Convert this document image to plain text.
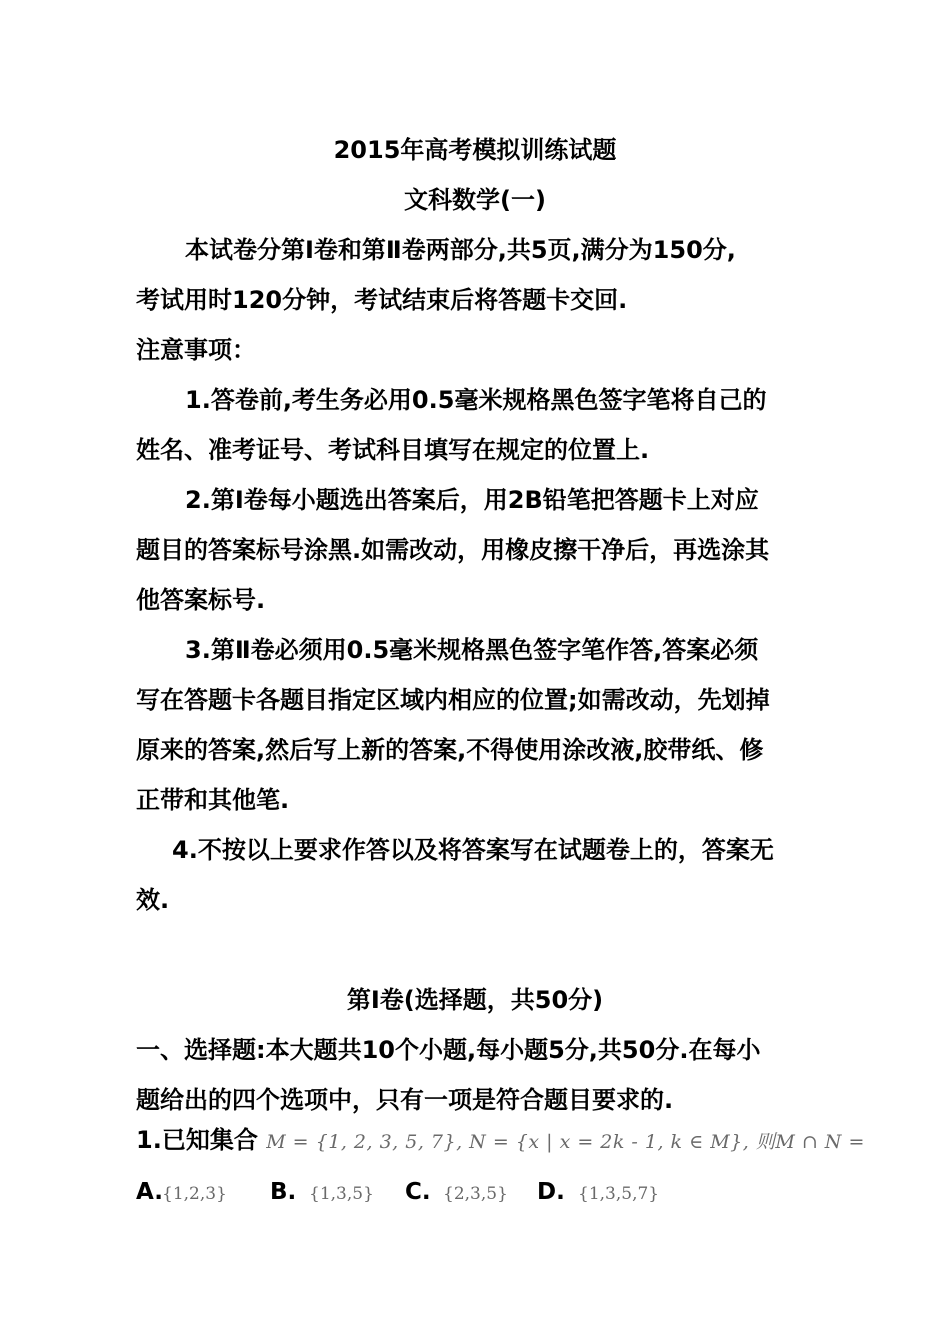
2015年高考模拟训练试题
文科数学(一)
本试卷分第Ⅰ卷和第Ⅱ卷两部分,共5页,满分为150分,
考试用时120分钟，考试结束后将答题卡交回.
注意事项：
1.答卷前,考生务必用0.5毫米规格黑色签字笔将自己的
姓名、准考证号、考试科目填写在规定的位置上.
2.第Ⅰ卷每小题选出答案后，用2B铅笔把答题卡上对应
题目的答案标号涂黑.如需改动，用橡皮擦干净后，再选涂其
他答案标号.
3.第Ⅱ卷必须用0.5毫米规格黑色签字笔作答,答案必须
写在答题卡各题目指定区域内相应的位置;如需改动，先划掉
原来的答案,然后写上新的答案,不得使用涂改液,胶带纸、修
正带和其他笔.
4.不按以上要求作答以及将答案写在试题卷上的，答案无
效.
第Ⅰ卷(选择题，共50分)
一、选择题:本大题共10个小题,每小题5分,共50分.在每小
题给出的四个选项中，只有一项是符合题目要求的.
1.已知集合 M = {1, 2, 3, 5, 7}, N = {x | x = 2k - 1, k ∈ M}, 则M ∩ N =
A. {1,2,3} B. {1,3,5} C. {2,3,5} D. {1,3,5,7}
